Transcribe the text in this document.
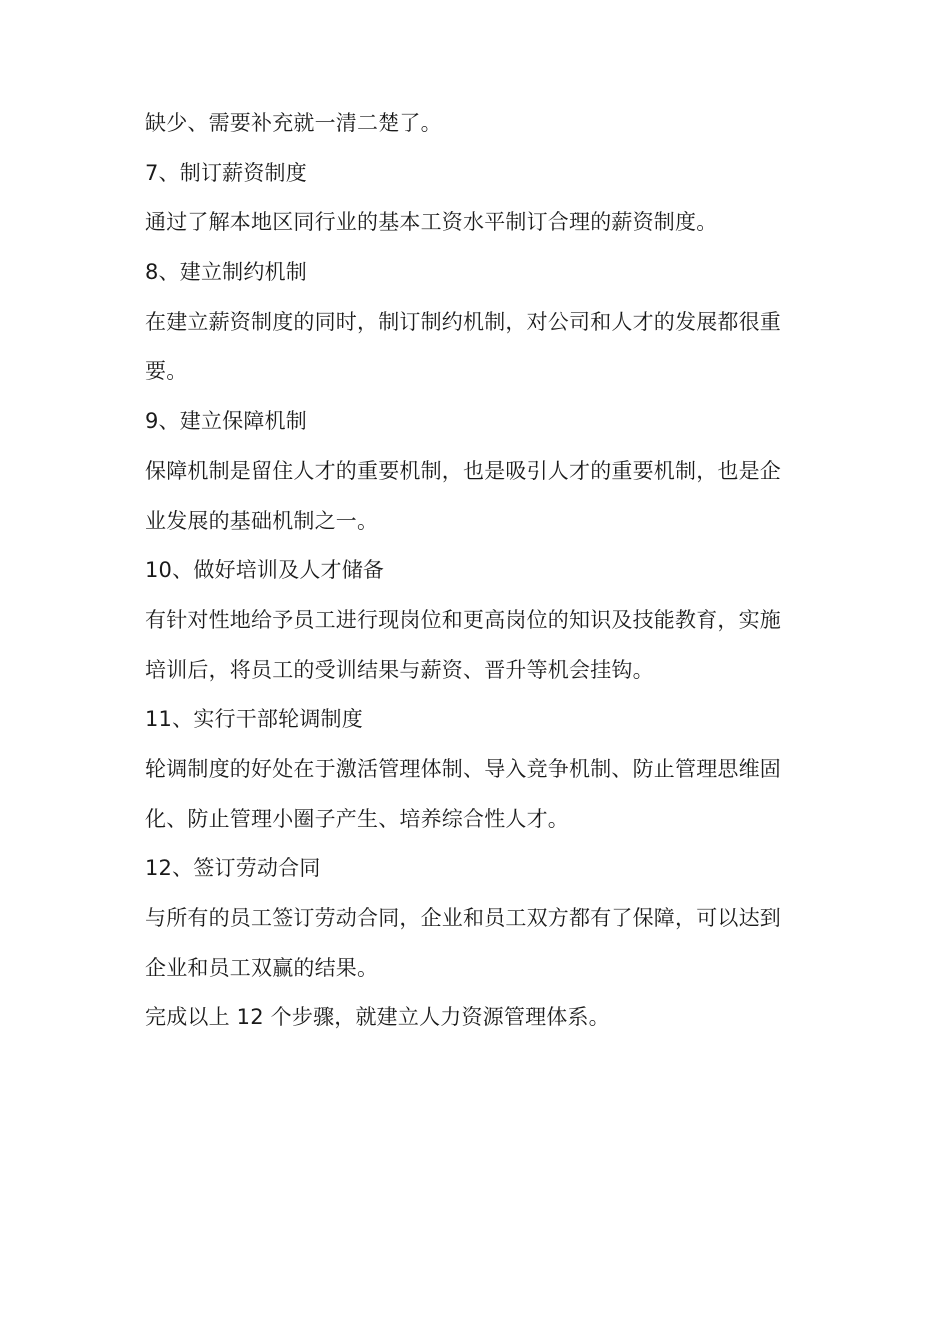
缺少、需要补充就一清二楚了。
7、制订薪资制度
通过了解本地区同行业的基本工资水平制订合理的薪资制度。
8、建立制约机制
在建立薪资制度的同时，制订制约机制，对公司和人才的发展都很重
要。
9、建立保障机制
保障机制是留住人才的重要机制，也是吸引人才的重要机制，也是企
业发展的基础机制之一。
10、做好培训及人才储备
有针对性地给予员工进行现岗位和更高岗位的知识及技能教育，实施
培训后，将员工的受训结果与薪资、晋升等机会挂钩。
11、实行干部轮调制度
轮调制度的好处在于激活管理体制、导入竞争机制、防止管理思维固
化、防止管理小圈子产生、培养综合性人才。
12、签订劳动合同
与所有的员工签订劳动合同，企业和员工双方都有了保障，可以达到
企业和员工双赢的结果。
完成以上 12 个步骤，就建立人力资源管理体系。
